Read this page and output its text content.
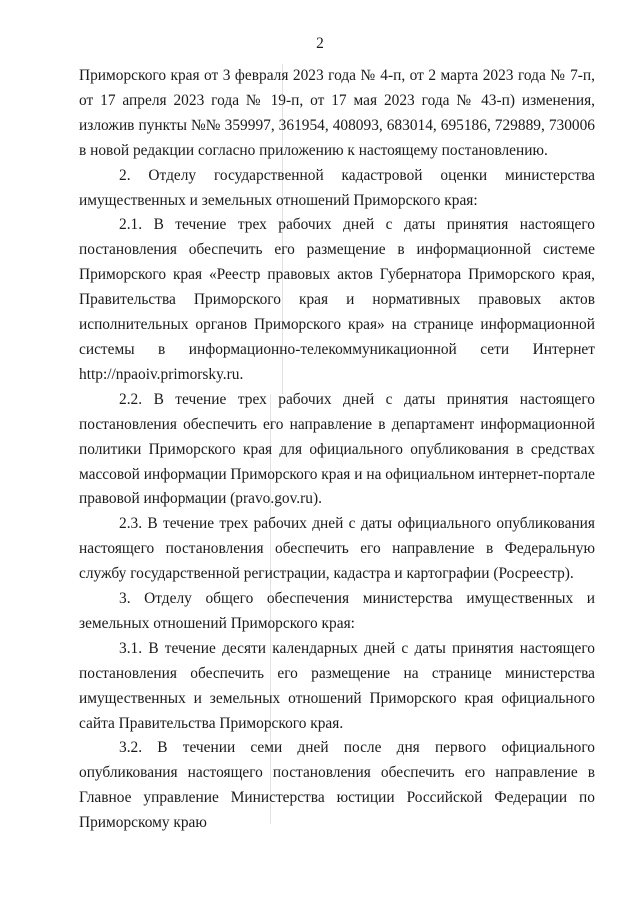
2

Приморского края от 3 февраля 2023 года № 4-п, от 2 марта 2023 года № 7-п, от 17 апреля 2023 года № 19-п, от 17 мая 2023 года № 43-п) изменения, изложив пункты №№ 359997, 361954, 408093, 683014, 695186, 729889, 730006 в новой редакции согласно приложению к настоящему постановлению.

2. Отделу государственной кадастровой оценки министерства имущественных и земельных отношений Приморского края:

2.1. В течение трех рабочих дней с даты принятия настоящего постановления обеспечить его размещение в информационной системе Приморского края «Реестр правовых актов Губернатора Приморского края, Правительства Приморского края и нормативных правовых актов исполнительных органов Приморского края» на странице информационной системы в информационно-телекоммуникационной сети Интернет http://npaoiv.primorsky.ru.

2.2. В течение трех рабочих дней с даты принятия настоящего постановления обеспечить его направление в департамент информационной политики Приморского края для официального опубликования в средствах массовой информации Приморского края и на официальном интернет-портале правовой информации (pravo.gov.ru).

2.3. В течение трех рабочих дней с даты официального опубликования настоящего постановления обеспечить его направление в Федеральную службу государственной регистрации, кадастра и картографии (Росреестр).

3. Отделу общего обеспечения министерства имущественных и земельных отношений Приморского края:

3.1. В течение десяти календарных дней с даты принятия настоящего постановления обеспечить его размещение на странице министерства имущественных и земельных отношений Приморского края официального сайта Правительства Приморского края.

3.2. В течении семи дней после дня первого официального опубликования настоящего постановления обеспечить его направление в Главное управление Министерства юстиции Российской Федерации по Приморскому краю
